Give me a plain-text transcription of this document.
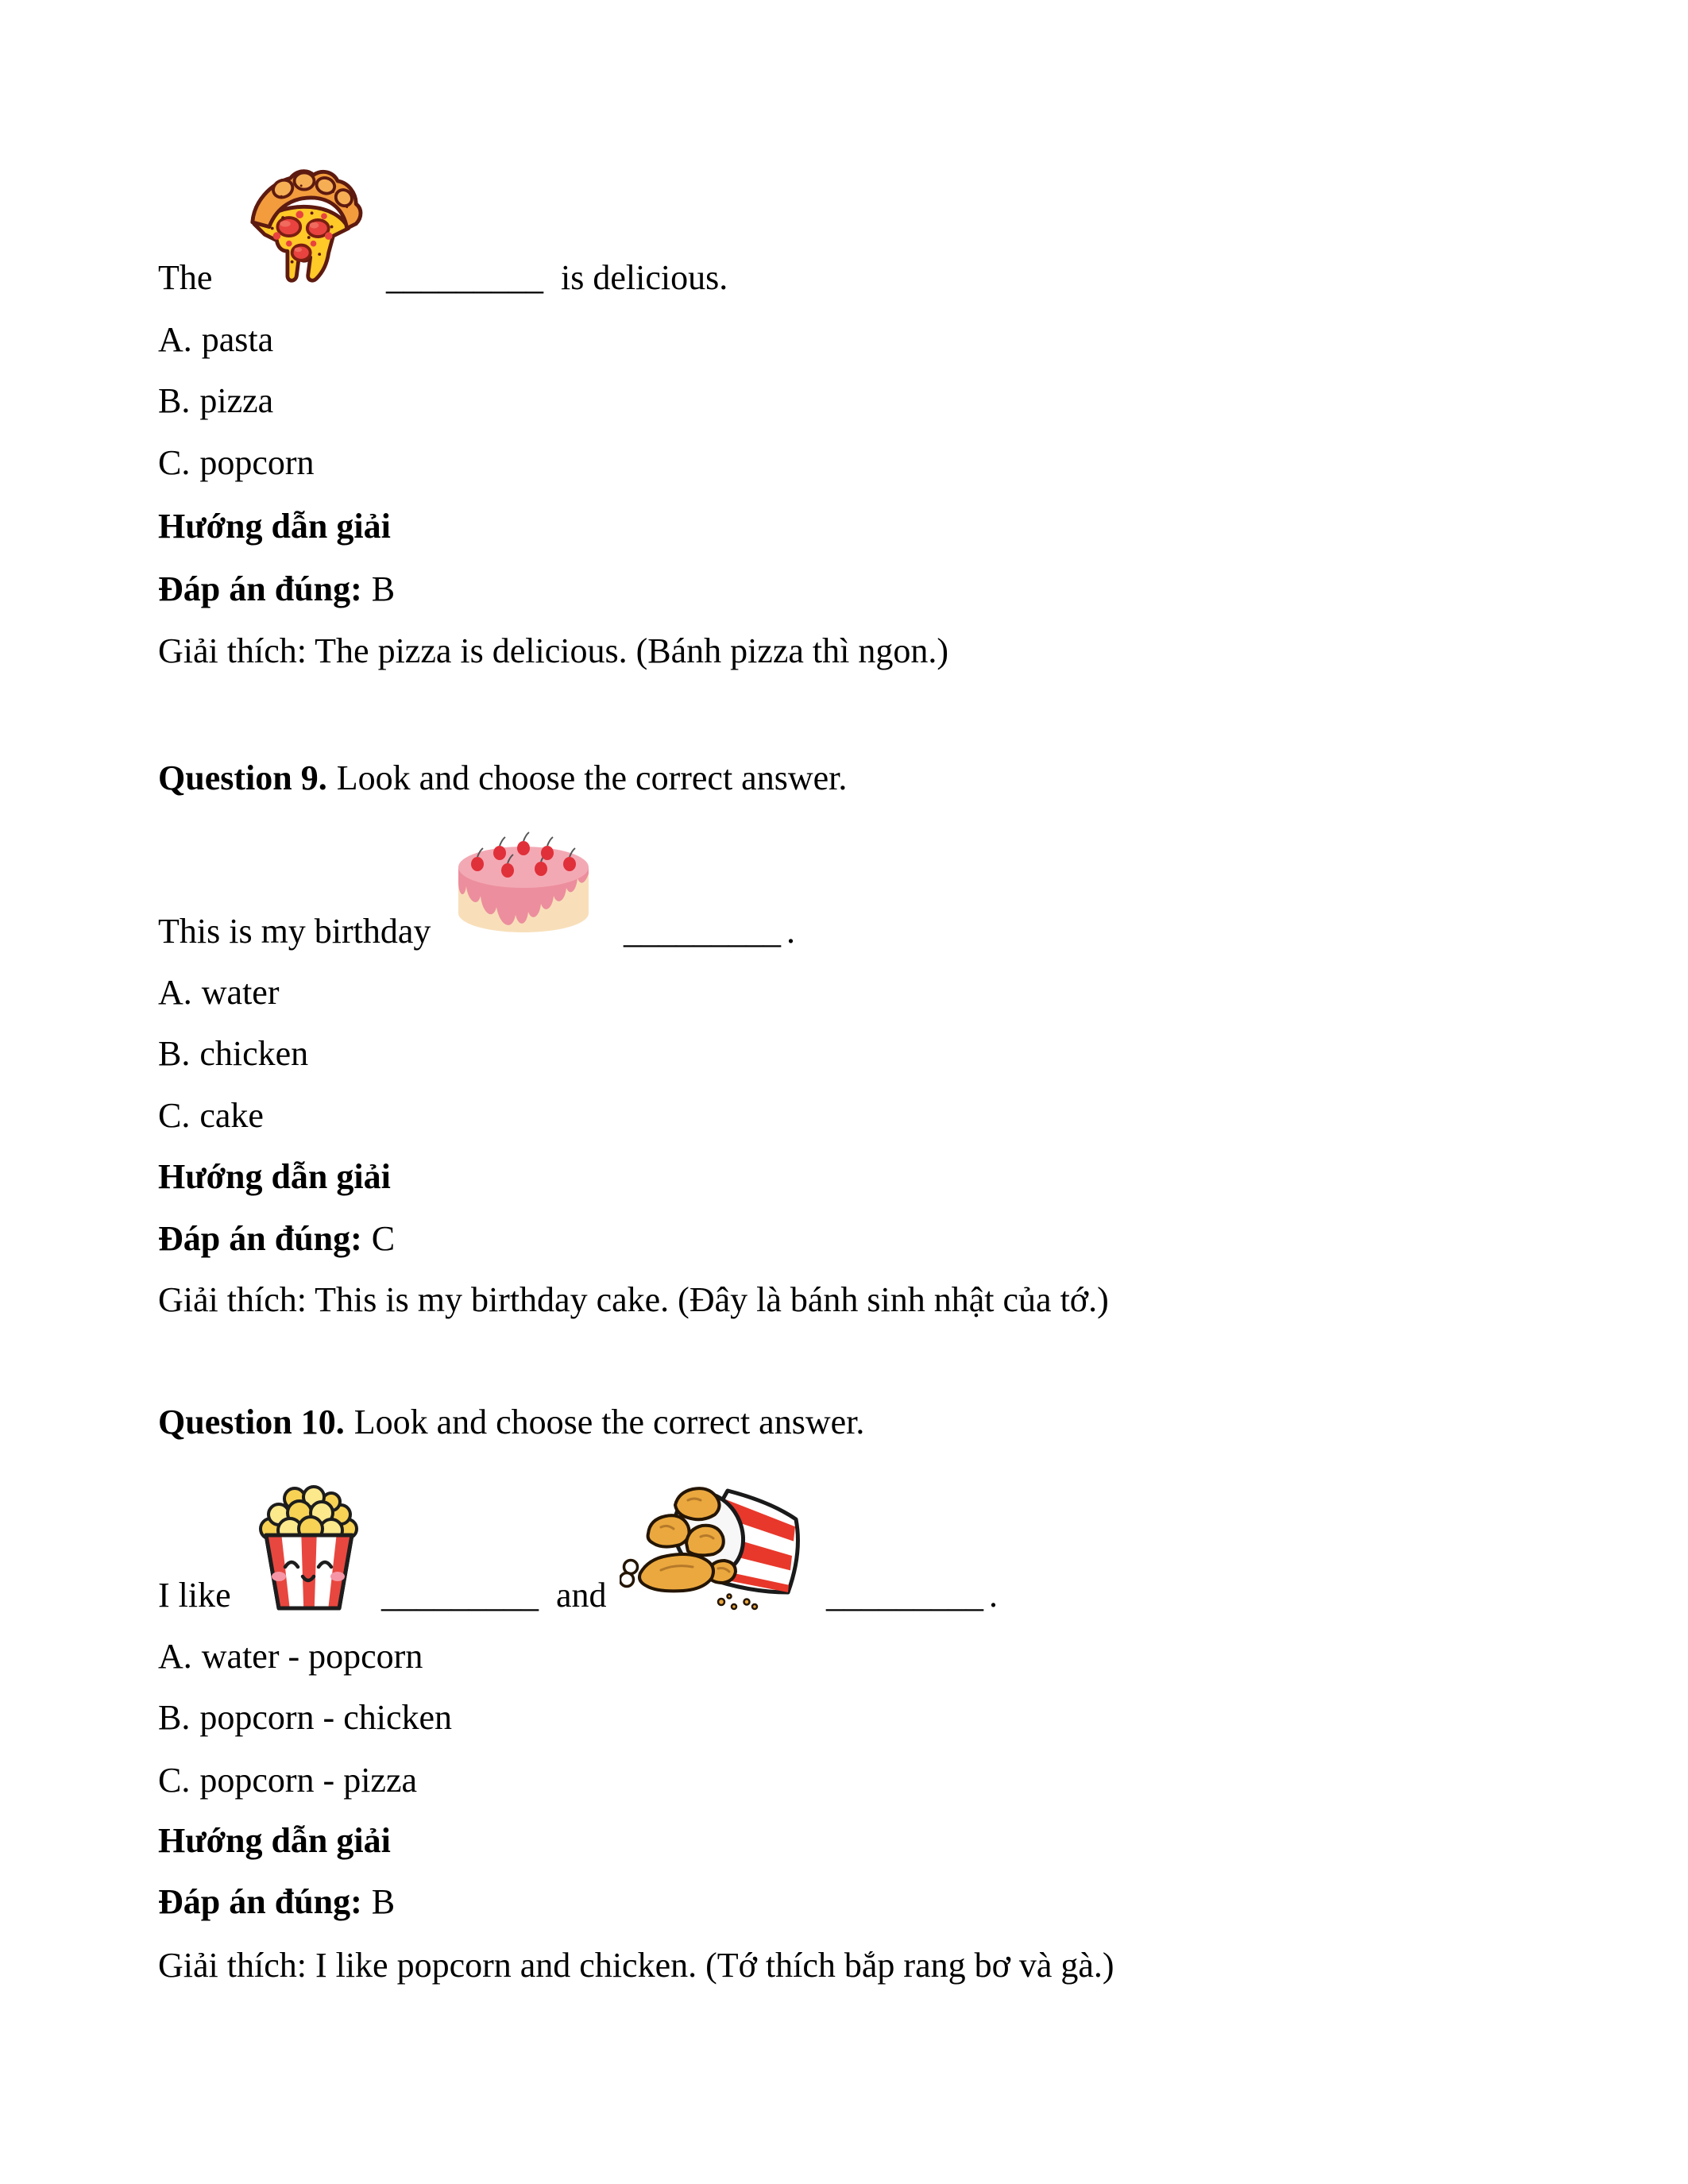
The	_________ is delicious.
A. pasta
B. pizza
C. popcorn
Hướng dẫn giải
Đáp án đúng: B
Giải thích: The pizza is delicious. (Bánh pizza thì ngon.)
Question 9. Look and choose the correct answer.
This is my birthday	_________ .
A. water
B. chicken
C. cake
Hướng dẫn giải
Đáp án đúng: C
Giải thích: This is my birthday cake. (Đây là bánh sinh nhật của tớ.)
Question 10. Look and choose the correct answer.
I like	_________ and	_________ .
A. water - popcorn
B. popcorn - chicken
C. popcorn - pizza
Hướng dẫn giải
Đáp án đúng: B
Giải thích: I like popcorn and chicken. (Tớ thích bắp rang bơ và gà.)
